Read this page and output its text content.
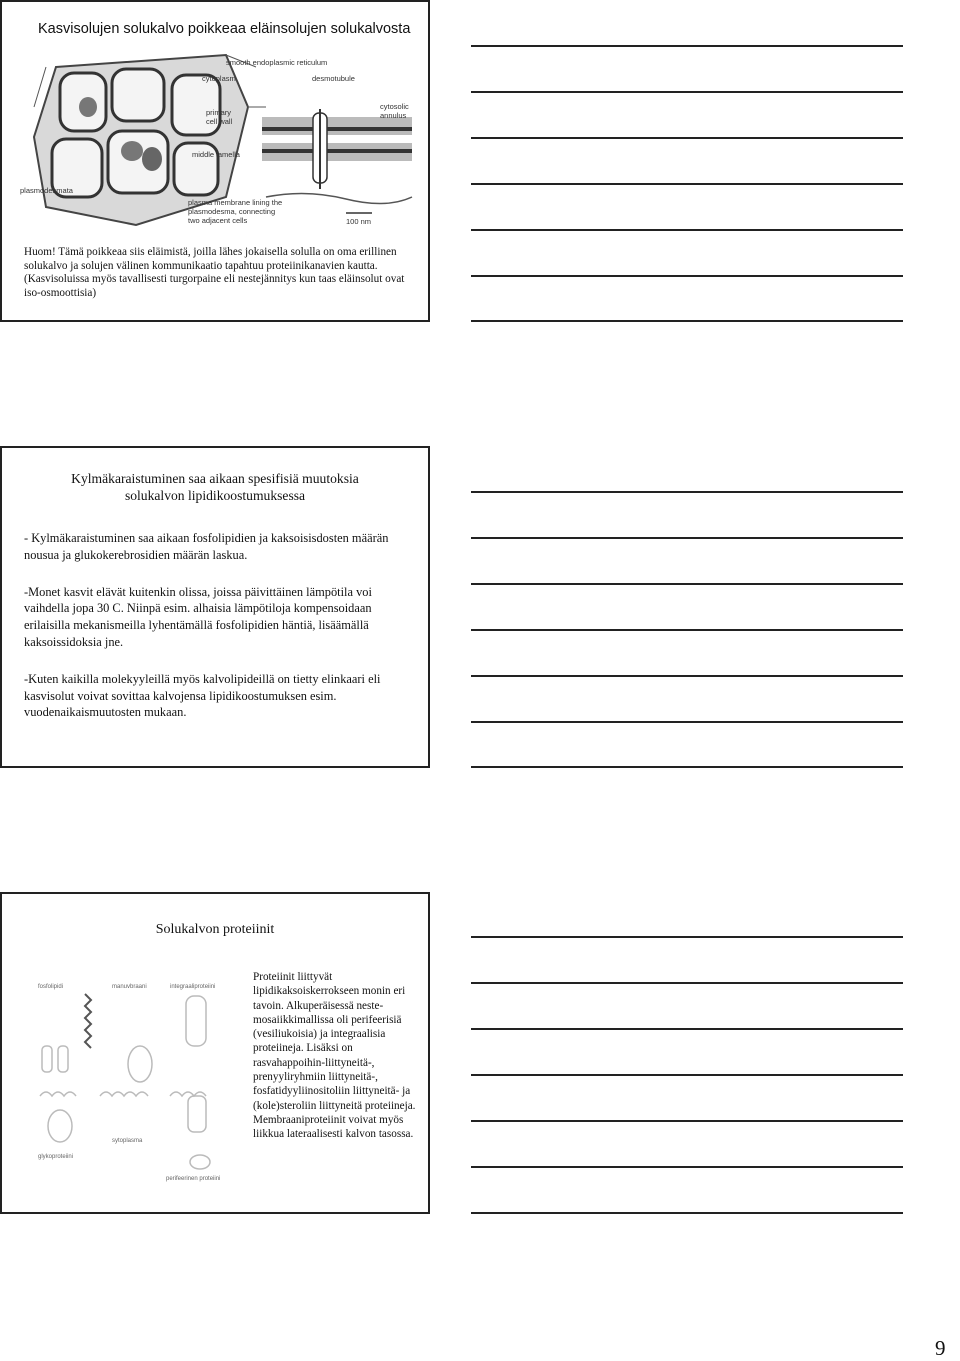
Kasvisolujen solukalvo poikkeaa eläinsolujen solukalvosta
smooth endoplasmic reticulum
cytoplasm	desmotubule
primary
cell wall
cytosolic
annulus
middle lamella
plasmodesmata
plasma membrane lining the
plasmodesma, connecting
two adjacent cells	100 nm
Huom! Tämä poikkeaa siis eläimistä, joilla lähes jokaisella solulla on oma erillinen solukalvo ja solujen välinen kommunikaatio tapahtuu proteiinikanavien kautta. (Kasvisoluissa myös tavallisesti turgorpaine eli nestejännitys kun taas eläinsolut ovat iso-osmoottisia)
Kylmäkaraistuminen saa aikaan spesifisiä muutoksia
solukalvon lipidikoostumuksessa

- Kylmäkaraistuminen saa aikaan fosfolipidien ja kaksoisisdosten määrän nousua ja glukokerebrosidien määrän laskua.

-Monet kasvit elävät kuitenkin olissa, joissa päivittäinen lämpötila voi vaihdella jopa 30 C. Niinpä esim. alhaisia lämpötiloja kompensoidaan erilaisilla mekanismeilla lyhentämällä fosfolipidien häntiä, lisäämällä kaksoissidoksia jne.

-Kuten kaikilla molekyyleillä myös kalvolipideillä on tietty elinkaari eli kasvisolut voivat sovittaa kalvojensa lipidikoostumuksen esim. vuodenaikaismuutosten mukaan.

Solukalvon proteiinit
fosfolipidi	manuvbraani	integraaliproteiini
glykoproteiini
sytoplasma
perifeerinen proteiini
Proteiinit liittyvät lipidikaksoiskerrokseen monin eri tavoin. Alkuperäisessä neste-mosaiikkimallissa oli perifeerisiä (vesiliukoisia) ja integraalisia proteiineja. Lisäksi on rasvahappoihin-liittyneitä-, prenyyliryhmiin liittyneitä-, fosfatidyyliinositoliin liittyneitä- ja (kole)steroliin liittyneitä proteiineja. Membraaniproteiinit voivat myös liikkua lateraalisesti kalvon tasossa.
9
